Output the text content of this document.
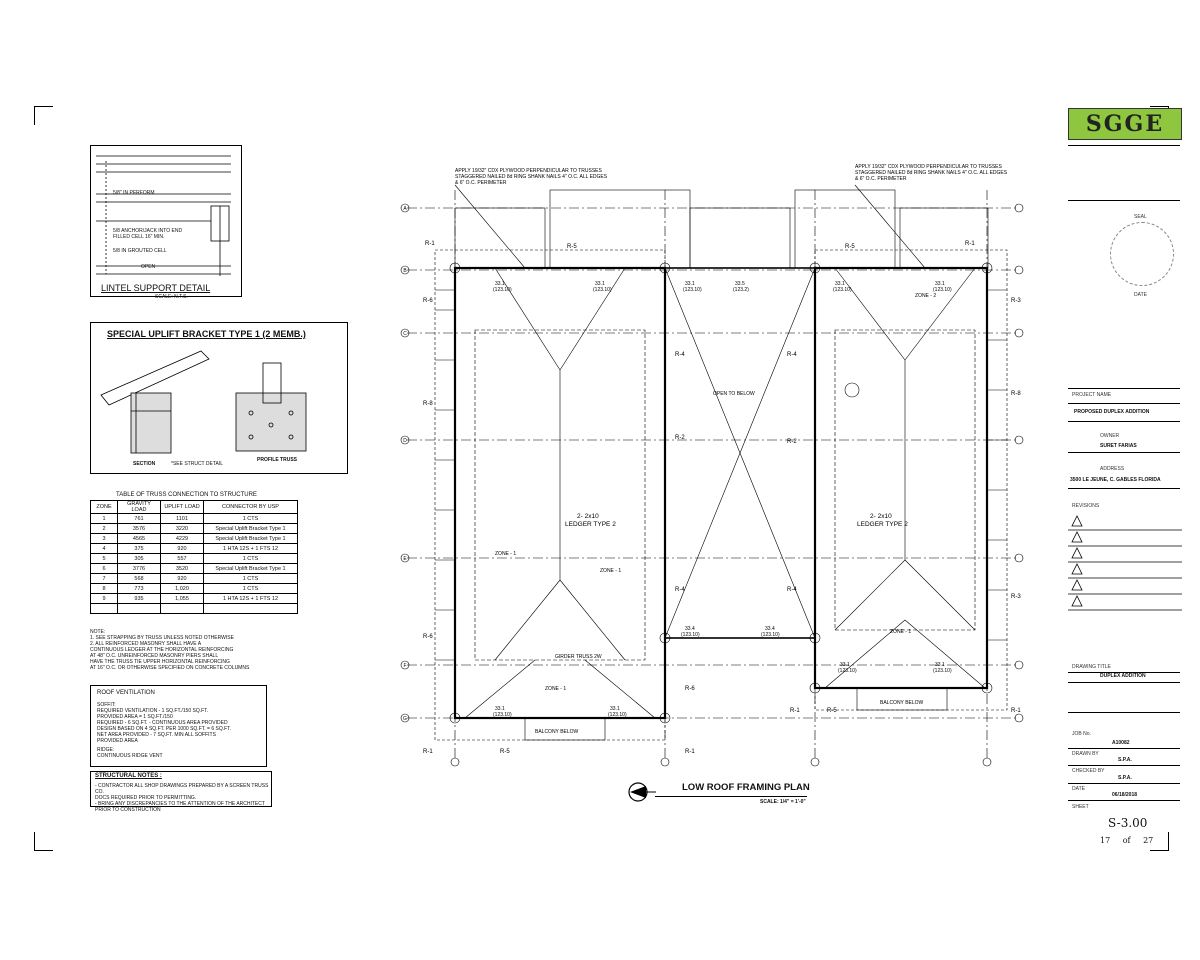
5/8" IN PERFORM
5/8 ANCHOR/JACK INTO END FILLED CELL 16" MIN.
5/8 IN GROUTED CELL
OPEN
LINTEL SUPPORT DETAIL
SCALE: N.T.S.
SPECIAL UPLIFT BRACKET TYPE 1 (2 MEMB.)
SECTION	*SEE STRUCT DETAIL
PROFILE TRUSS
TABLE OF TRUSS CONNECTION TO STRUCTURE
ZONE	GRAVITY LOAD	UPLIFT LOAD	CONNECTOR BY USP
1	761	1101	1 CTS
2	3576	3220	Special Uplift Bracket Type 1
3	4565	4229	Special Uplift Bracket Type 1
4	375	920	1 HTA 12S + 1 FTS 12
5	305	557	1 CTS
6	3776	3520	Special Uplift Bracket Type 1
7	568	920	1 CTS
8	773	1,020	1 CTS
9	935	1,055	1 HTA 12S + 1 FTS 12

NOTE:
1. SEE STRAPPING BY TRUSS UNLESS NOTED OTHERWISE
2. ALL REINFORCED MASONRY SHALL HAVE A
CONTINUOUS LEDGER AT THE HORIZONTAL REINFORCING
AT 48" O.C. UNREINFORCED MASONRY PIERS SHALL
HAVE THE TRUSS TIE UPPER HORIZONTAL REINFORCING
AT 16" O.C. OR OTHERWISE SPECIFIED ON CONCRETE COLUMNS
ROOF VENTILATION
SOFFIT:
REQUIRED VENTILATION - 1 SQ.FT./150 SQ.FT.
PROVIDED AREA = 1 SQ.FT./150
REQUIRED - 6 SQ.FT. - CONTINUOUS AREA PROVIDED
DESIGN BASED ON 4 SQ.FT. PER 1000 SQ.FT. = 6 SQ.FT.
NET AREA PROVIDED - 7 SQ.FT. MIN ALL SOFFITS
PROVIDED AREA
RIDGE:
CONTINUOUS RIDGE VENT
STRUCTURAL NOTES :
- CONTRACTOR ALL SHOP DRAWINGS PREPARED BY A SCREEN TRUSS CO.
DOCS REQUIRED PRIOR TO PERMITTING.
- BRING ANY DISCREPANCIES TO THE ATTENTION OF THE ARCHITECT PRIOR TO CONSTRUCTION
APPLY 19/32" CDX PLYWOOD PERPENDICULAR TO TRUSSES
STAGGERED NAILED 8d RING SHANK NAILS 4" O.C. ALL EDGES
& 6" O.C. PERIMETER
APPLY 19/32" CDX PLYWOOD PERPENDICULAR TO TRUSSES
STAGGERED NAILED 8d RING SHANK NAILS 4" O.C. ALL EDGES
& 6" O.C. PERIMETER
33.1
(123.10)
33.1
(123.10)
33.1
(123.10)
33.5
(123.2)
33.1
(123.10)
33.1
(123.10)
33.4
(123.10)
33.4
(123.10)
33.1
(123.10)
33.1
(123.10)
33.1
(123.10)
33.1
(123.10)
ZONE - 1
ZONE - 1
ZONE - 1
ZONE - 1
ZONE - 2
OPEN TO BELOW
GIRDER TRUSS 2W
BALCONY BELOW
BALCONY BELOW
2- 2x10
LEDGER TYPE 2
2- 2x10
LEDGER TYPE 2
R-1	R-1
R-5	R-5
R-6	R-3
R-4	R-4
R-8
R-8
R-2
R-2
R-4	R-4
R-3
R-6
R-6
R-1	R-5	R-1
R-1	R-5	R-1
A
B
C
D
E
F
G
LOW ROOF FRAMING PLAN
SCALE: 1/4" = 1'-0"
SGGE
SEAL
DATE
PROJECT NAME
PROPOSED DUPLEX ADDITION
SURET FARIAS
OWNER
ADDRESS
3500 LE JEUNE, C. GABLES FLORIDA
REVISIONS
DRAWING TITLE
DUPLEX ADDITION
JOB No.
A10082
DRAWN BY
S.P.A.
CHECKED BY
S.P.A.
DATE
06/18/2018
SHEET
S-3.00
17 of 27
